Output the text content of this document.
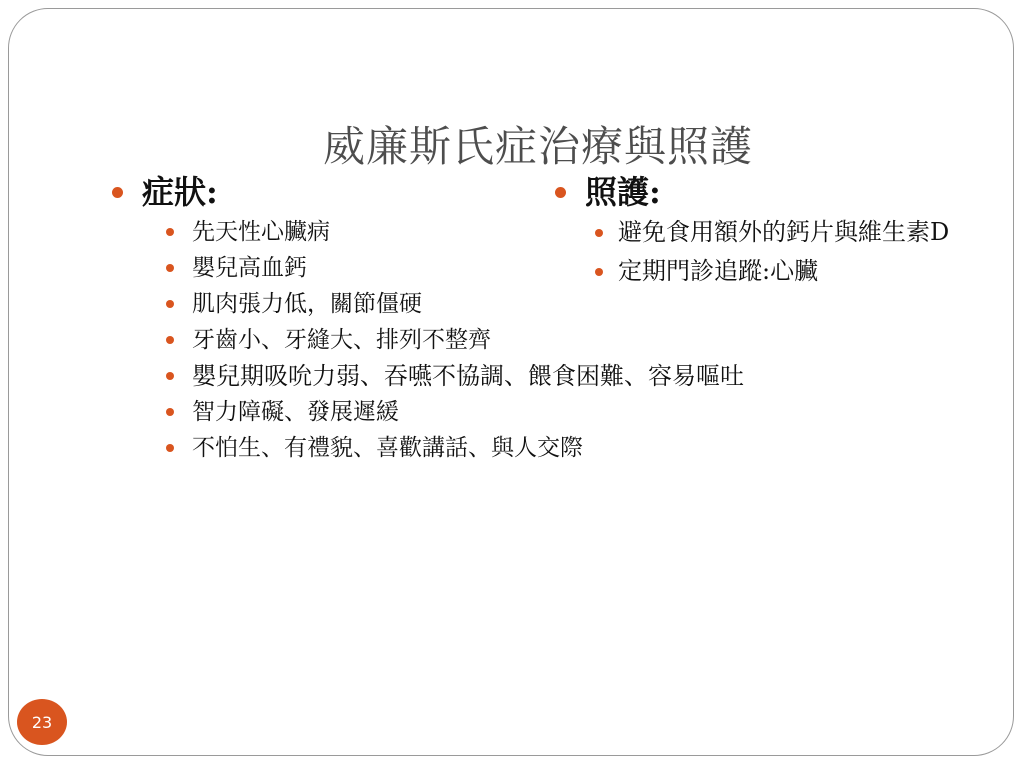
威廉斯氏症治療與照護
症狀:
先天性心臟病
嬰兒高血鈣
肌肉張力低，關節僵硬
牙齒小、牙縫大、排列不整齊
嬰兒期吸吮力弱、吞嚥不協調、餵食困難、容易嘔吐
智力障礙、發展遲緩
不怕生、有禮貌、喜歡講話、與人交際
照護:
避免食用額外的鈣片與維生素D
定期門診追蹤:心臟
23
